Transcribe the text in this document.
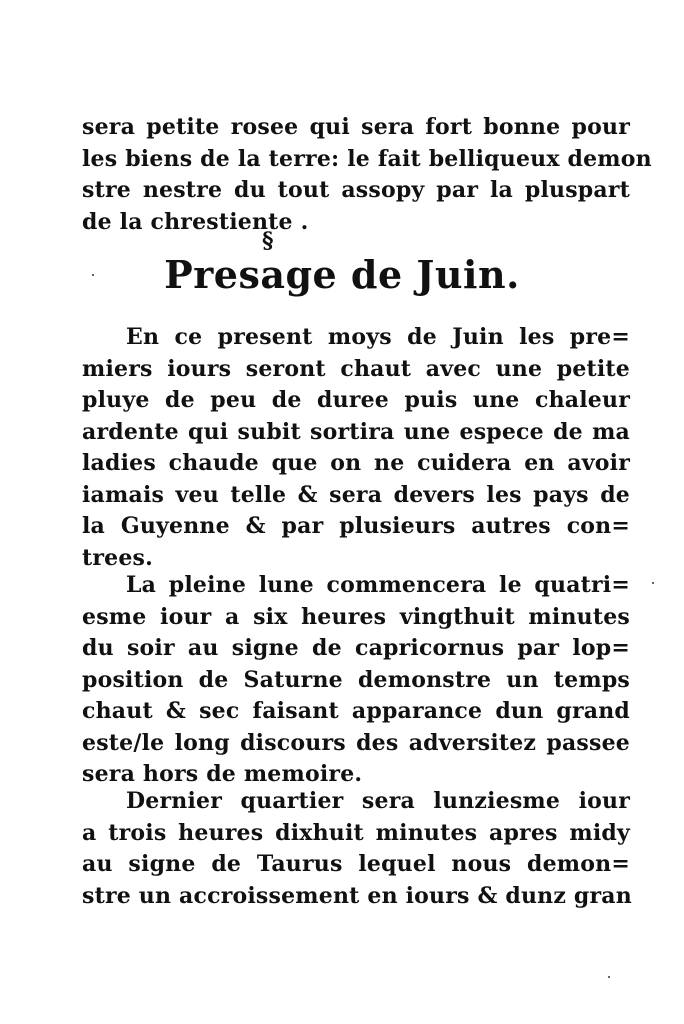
sera petite rosee qui sera fort bonne pour
les biens de la terre: le fait belliqueux demon
stre nestre du tout assopy par la pluspart
de la chrestiente .
§
Presage de Juin.
En ce present moys de Juin les pre=
miers iours seront chaut avec une petite
pluye de peu de duree puis une chaleur
ardente qui subit sortira une espece de ma
ladies chaude que on ne cuidera en avoir
iamais veu telle & sera devers les pays de
la Guyenne & par plusieurs autres con=
trees.
La pleine lune commencera le quatri=
esme iour a six heures vingthuit minutes
du soir au signe de capricornus par lop=
position de Saturne demonstre un temps
chaut & sec faisant apparance dun grand
este/le long discours des adversitez passee
sera hors de memoire.
Dernier quartier sera lunziesme iour
a trois heures dixhuit minutes apres midy
au signe de Taurus lequel nous demon=
stre un accroissement en iours & dunz gran
